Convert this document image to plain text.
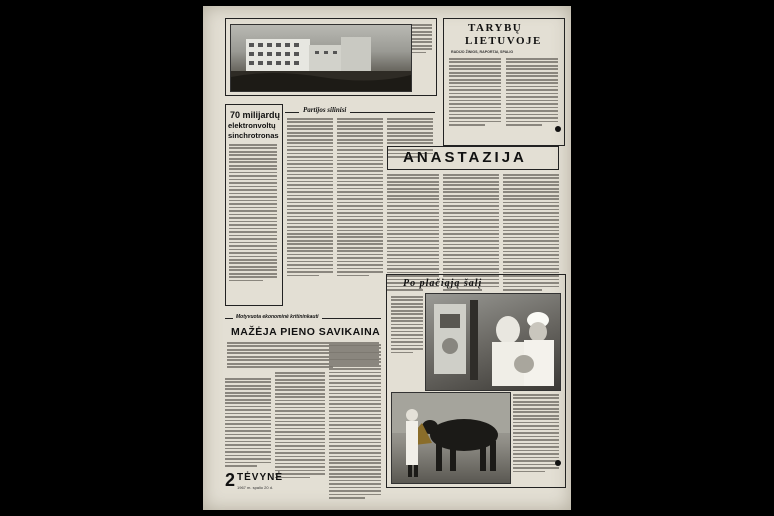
TARYBŲ
LIETUVOJE
RADIJO ŽINIOS, RAPORTAI, SPALIO
70 milijardų
elektronvoltų
sinchrotronas
Partijos silinisi
ANASTAZIJA
Po plačiąją šalį
Motyvuota ekonominė kritininkauti
MAŽĖJA PIENO SAVIKAINA
2 TĖVYNĖ
1967 m. spalio 20 d.
